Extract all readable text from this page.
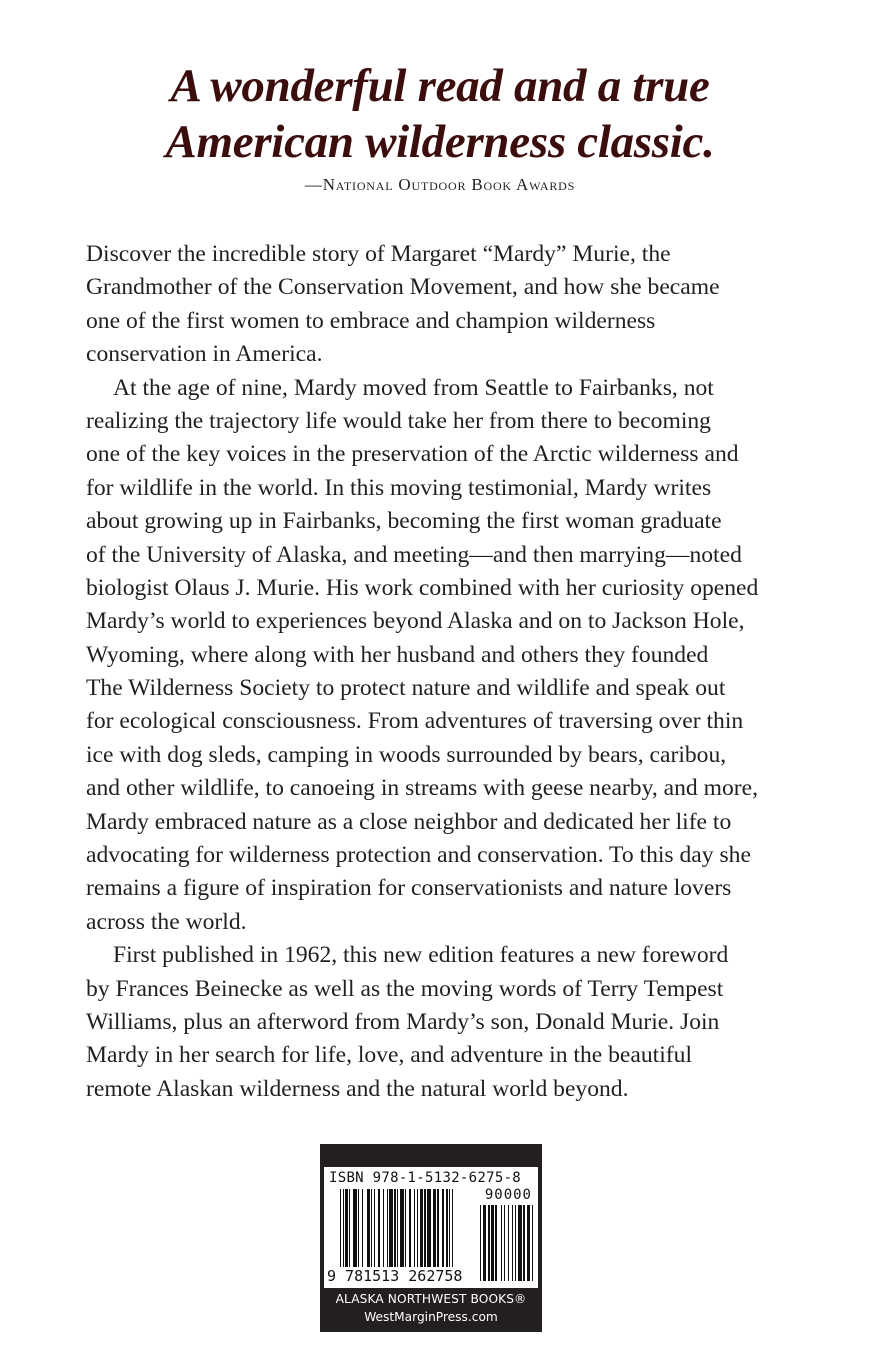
A wonderful read and a true
American wilderness classic.
—National Outdoor Book Awards

Discover the incredible story of Margaret “Mardy” Murie, the
Grandmother of the Conservation Movement, and how she became
one of the first women to embrace and champion wilderness
conservation in America.

At the age of nine, Mardy moved from Seattle to Fairbanks, not
realizing the trajectory life would take her from there to becoming
one of the key voices in the preservation of the Arctic wilderness and
for wildlife in the world. In this moving testimonial, Mardy writes
about growing up in Fairbanks, becoming the first woman graduate
of the University of Alaska, and meeting—and then marrying—noted
biologist Olaus J. Murie. His work combined with her curiosity opened
Mardy’s world to experiences beyond Alaska and on to Jackson Hole,
Wyoming, where along with her husband and others they founded
The Wilderness Society to protect nature and wildlife and speak out
for ecological consciousness. From adventures of traversing over thin
ice with dog sleds, camping in woods surrounded by bears, caribou,
and other wildlife, to canoeing in streams with geese nearby, and more,
Mardy embraced nature as a close neighbor and dedicated her life to
advocating for wilderness protection and conservation. To this day she
remains a figure of inspiration for conservationists and nature lovers
across the world.

First published in 1962, this new edition features a new foreword
by Frances Beinecke as well as the moving words of Terry Tempest
Williams, plus an afterword from Mardy’s son, Donald Murie. Join
Mardy in her search for life, love, and adventure in the beautiful
remote Alaskan wilderness and the natural world beyond.

ISBN 978-1-5132-6275-8
90000
9 781513 262758
ALASKA NORTHWEST BOOKS®
WestMarginPress.com
